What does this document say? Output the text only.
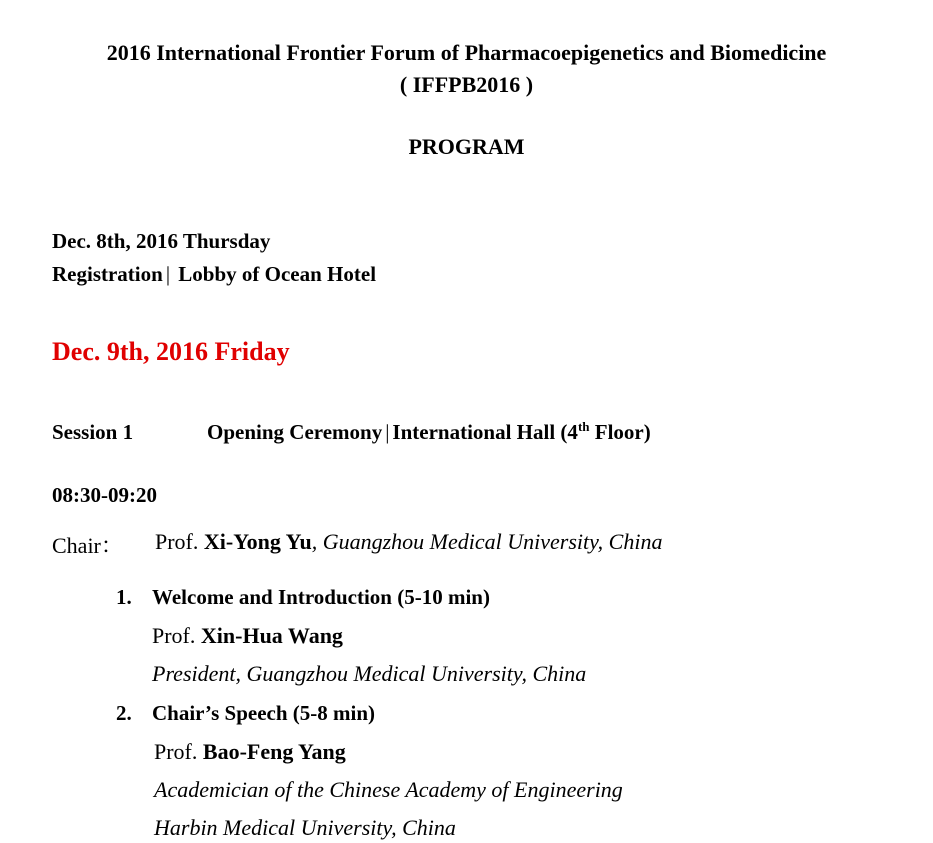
2016 International Frontier Forum of Pharmacoepigenetics and Biomedicine
( IFFPB2016 )
PROGRAM
Dec. 8th, 2016 Thursday
Registration | Lobby of Ocean Hotel
Dec. 9th, 2016 Friday
Session 1	Opening Ceremony | International Hall (4th Floor)
08:30-09:20
Chair： Prof. Xi-Yong Yu, Guangzhou Medical University, China
1. Welcome and Introduction (5-10 min)
Prof. Xin-Hua Wang
President, Guangzhou Medical University, China
2. Chair’s Speech (5-8 min)
Prof. Bao-Feng Yang
Academician of the Chinese Academy of Engineering
Harbin Medical University, China
